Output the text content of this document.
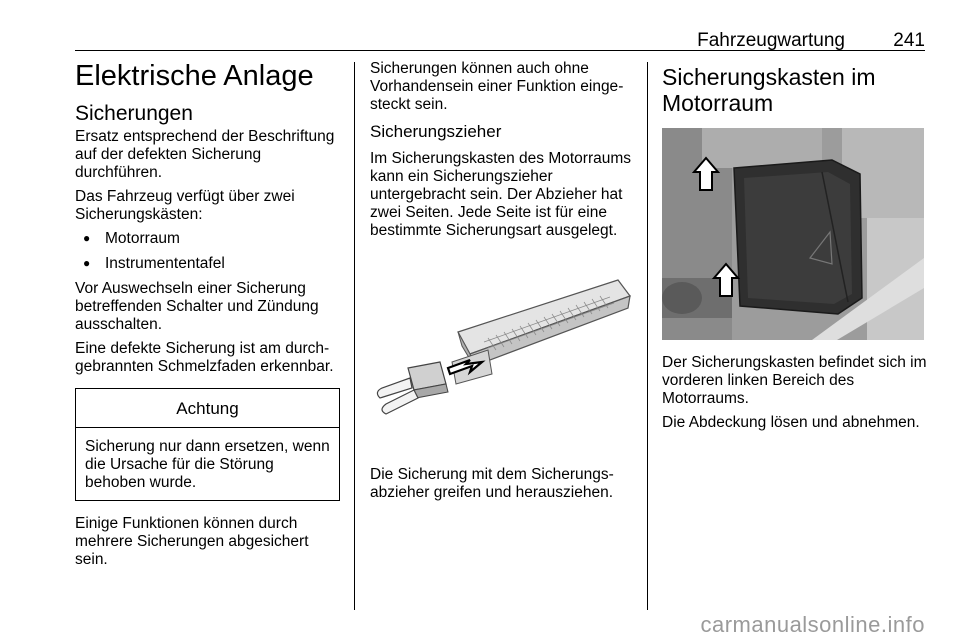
Fahrzeugwartung	241
Elektrische Anlage
Sicherungen

Ersatz entsprechend der Beschriftung auf der defekten Sicherung durchführen.

Das Fahrzeug verfügt über zwei Sicherungskästen:

● Motorraum
● Instrumententafel

Vor Auswechseln einer Sicherung betreffenden Schalter und Zündung ausschalten.

Eine defekte Sicherung ist am durchgebrannten Schmelzfaden erkennbar.

Achtung
Sicherung nur dann ersetzen, wenn die Ursache für die Störung behoben wurde.

Einige Funktionen können durch mehrere Sicherungen abgesichert sein.

Sicherungen können auch ohne Vorhandensein einer Funktion eingesteckt sein.

Sicherungszieher

Im Sicherungskasten des Motorraums kann ein Sicherungszieher untergebracht sein. Der Abzieher hat zwei Seiten. Jede Seite ist für eine bestimmte Sicherungsart ausgelegt.

Die Sicherung mit dem Sicherungsabzieher greifen und herausziehen.

Sicherungskasten im Motorraum

Der Sicherungskasten befindet sich im vorderen linken Bereich des Motorraums.

Die Abdeckung lösen und abnehmen.

carmanualsonline.info
